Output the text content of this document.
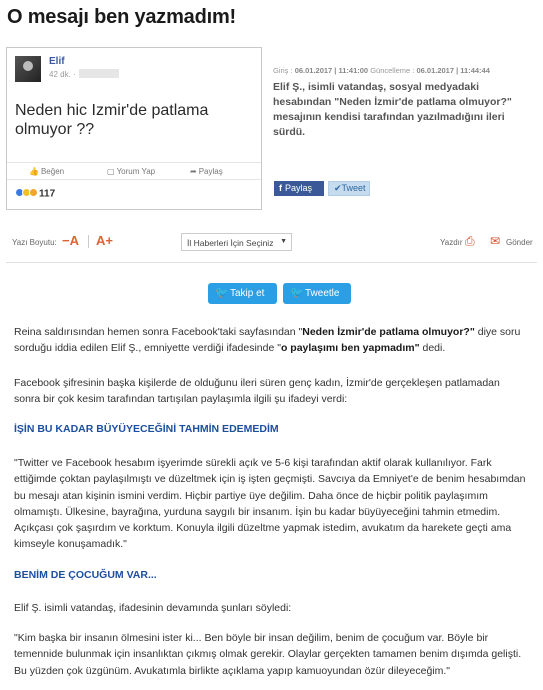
O mesajı ben yazmadım!
Elif
42 dk. ·
Neden hic Izmir'de patlama olmuyor ??
👍 Beğen	▢ Yorum Yap	➦ Paylaş
117
Giriş : 06.01.2017 | 11:41:00 Güncelleme : 06.01.2017 | 11:44:44
Elif Ş., isimli vatandaş, sosyal medyadaki hesabından "Neden İzmir'de patlama olmuyor?" mesajının kendisi tarafından yazılmadığını ileri sürdü.
f Paylaş	✔Tweet
Yazı Boyutu: −A A+	İl Haberleri İçin Seçiniz ▼	Yazdır ⎙ ✉ Gönder
🐦 Takip et	🐦 Tweetle

Reina saldırısından hemen sonra Facebook'taki sayfasından "Neden İzmir'de patlama olmuyor?" diye soru sorduğu iddia edilen Elif Ş., emniyette verdiği ifadesinde "o paylaşımı ben yapmadım" dedi.

Facebook şifresinin başka kişilerde de olduğunu ileri süren genç kadın, İzmir'de gerçekleşen patlamadan sonra bir çok kesim tarafından tartışılan paylaşımla ilgili şu ifadeyi verdi:

İŞİN BU KADAR BÜYÜYECEĞİNİ TAHMİN EDEMEDİM

"Twitter ve Facebook hesabım işyerimde sürekli açık ve 5-6 kişi tarafından aktif olarak kullanılıyor. Fark ettiğimde çoktan paylaşılmıştı ve düzeltmek için iş işten geçmişti. Savcıya da Emniyet'e de benim hesabımdan bu mesajı atan kişinin ismini verdim. Hiçbir partiye üye değilim. Daha önce de hiçbir politik paylaşımım olmamıştı. Ülkesine, bayrağına, yurduna saygılı bir insanım. İşin bu kadar büyüyeceğini tahmin etmedim. Açıkçası çok şaşırdım ve korktum. Konuyla ilgili düzeltme yapmak istedim, avukatım da harekete geçti ama kimseyle konuşamadık."

BENİM DE ÇOCUĞUM VAR...

Elif Ş. isimli vatandaş, ifadesinin devamında şunları söyledi:

"Kim başka bir insanın ölmesini ister ki... Ben böyle bir insan değilim, benim de çocuğum var. Böyle bir temennide bulunmak için insanlıktan çıkmış olmak gerekir. Olaylar gerçekten tamamen benim dışımda gelişti. Bu yüzden çok üzgünüm. Avukatımla birlikte açıklama yapıp kamuoyundan özür dileyeceğim."
